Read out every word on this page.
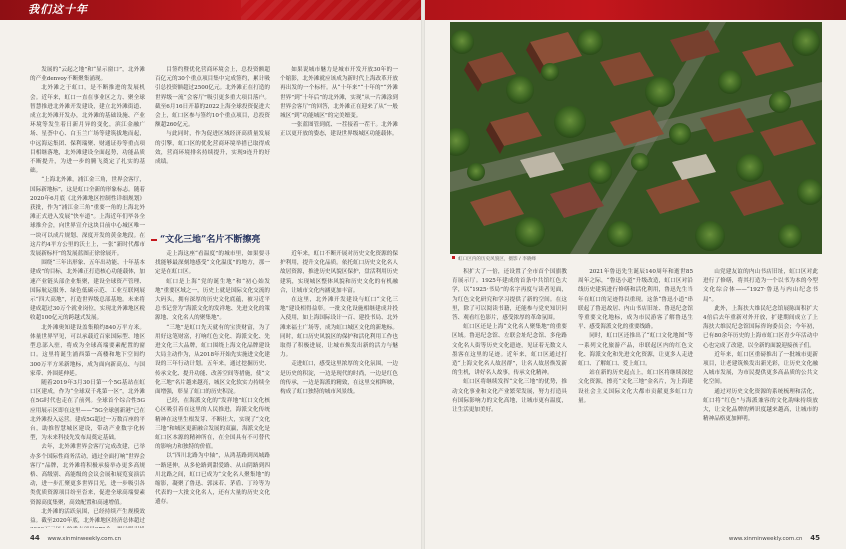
我们这十年

发展的“云起之地”和“显示窗口”，北外滩的产业denvoy不断聚集涌现。

北外滩之于虹口，是不断推进的发展机会。近年来，虹口一直在事业区之力、聚全球智慧推进北外滩开发建设，建立北外滩街道、成立北外滩开发办，北外滩的基础设施、产业环境等发生着日新月异的变化，滨江金融广场、星荟中心、白玉兰广场等建筑拔地而起，中远海运集团、保利瑞聚、财通证券等重点项目相继落地，北外滩建设全面起势，功能品质不断提升，为进一步的腾飞奠定了扎实的基础。

“上海北外滩，浦江金三角，世界会客厅，国际新地标”，这是虹口全新的形象标志。随着2020年6月底《北外滩地区控制性详细规划》获批，作为“浦江金三角”重要一角的上海北外滩正式进入发展“快车道”。上海近年们毕各全球推介会，向世界宣介这块目前中心城区唯一一块可以成片规划、深度开发的黄金地段。在这片约4平方公里的沃土上，一张“新时代都市发展新标杆”的发展蓝图正徐徐展开。

围绕“三年出形象、五年出功能、十年基本建成”的目标，北外滩正打造核心功能载体，加速产业链头部企业集聚，建设全球资产管理、国际航运服务、绿色低碳示范、工业互联网展示“四大高地”，打造世界级总部基地。未来将建成超过30万个就业岗位，实现北外滩地区税收超100亿元的跨越式发展。

北外滩奥知建设盖集粮约840万平方米。体量世界罕见，可以承载近百家国际型、地区型总部入驻，将成为全球高端要素配置的窗口。这里将诞生浦西第一高楼和地下空间约300万平方米新地标，成为面向新高点、与国家带、外围延伸延。

随着2019年3月30日第一个5G基站在虹口区建成，作为“全球双千兆第一区”，北外滩在5G时代也走在了前列。全球首个综合性5G应用展示区即在这里——“5G全球创新港”已在北外滩投入运营。建成5G超过一万数百座的平台，助推智慧城区建设，带动产业数字化转型，为未来科技先发布局奠定基础。

去年，北外滩世界会客厅完成改建，已举办多个国际性商务活动，通过全面打响“世界会客厅”品牌，北外滩将积极承接举办更多高规格、高级别、高能级的会议会展和展览宴演活动，进一步汇聚更多世界目光，进一步吸引各类优质资源项目纷至沓来，促进全球高端要素资源高度集聚，高效配置和高速增值。

北外滩的活跃氛围，已经持续产生规模效益。截至2020年底，北外滩地区经济总体超过

目签约暨优化营商环境会上，总投资额超百亿元的30个重点项目集中完成签约，累计吸引总投资额超过2500亿元。北外滩正在打造的世界级一流“会客厅”吸引更多重大项目落户。截至6月16日开幕的2022上海全球投资促进大会上，虹口区参与签约10个重点项目，总投资额超260亿元。

与此同时，作为促进区域经济高质量发展的引擎，虹口区的优化营商环境举措已取得成效，营商环境排名持续提升，实现9连升的好成绩。

如果说城市魅力是城市开发开放30年的一个缩影，北外滩就应该成为新时代上海改革开放再出发的一个标杆。从“十年来”“十年的”“外滩世界”到“十年后”的北外滩，实现“从一片滩涂到世界会客厅”的回答，北外滩正在迎来了从“一般城区”到“功能城区”的完美嬗变。

一张蓝图管到底、一茬接着一茬干。北外滩正以更开放的姿态，建设世界级城区功能载体。

“文化三地”名片不断擦亮

走上海这座“看温度”的城市里，如果要寻找能够最深刻地感受“文化温度”的地方，那一定是在虹口区。

虹口是上海“党的诞生地”和“初心始发地”重要区域之一，历史上就是国际文化交流的大码头，拥有深厚的历史文化底蕴，被习近平总书记誉为“海派文化的发祥地、先进文化的策源地、文化名人的聚集地”。

“三地”是虹口先天就有的宝贵财富，为了用好这笔财富，打响红色文化、海派文化、先进文化三大品牌，虹口围绕上海文化品牌建设大局主动作为，从2018年开始先实施进文化建设的三年行动计划。五年来，通过挖掘历史、传承文化、提升功能、改善空间等措施，使“文化三地”名片越来越亮，城区文化软实力持续全面增强，彰显了虹口的历史积淀。

已经，在海派文化的“发祥地”虹口文化核心区吸引着在这里的人民推进，海派文化传统精神在这里生根发芽、不断壮大，实现了“文化三地”和城区更新融合发展的双赢，海派文化是虹口区本源的精神所在，在全国具有不可替代的影响力和独特的价值。

以“四川北路为中轴”，从鸿基路到凤城路一路延伸，从多伦路到甜爱路、从山阴路到四川北路之间，虹口已成为“文化名人聚集地”的缩影，凝聚了鲁迅、郭沫若、茅盾、丁玲等为代表的一大批文化名人，还有大量的历史文化遗存。

近年来，虹口不断开展对历史文化资源的保护利用，提升文化品质。依托虹口历史文化名人故居资源，推进历史风貌区保护，盘活利用历史建筑，实现城区整体风貌和历史文化的有机融合，让城市文化内涵更加丰富。

在这里，北外滩开发建设与虹口“文化三地”建设相得益彰。一批文化设施相继建成并投入使用，如上海国际设计一百、建投书局、北外滩来福士广场等，成为虹口城区文化的新地标。同时，虹口历史风貌区的保护和活化利用工作也取得了积极进展，让城市焕发出新的活力与魅力。

走进虹口，感受这里浓厚的文化氛围，一边是历史的积淀，一边是现代的时尚，一边是红色的传承，一边是海派的精致，在这里交相辉映，构成了虹口独特的城市风景线。

虹口区内的历史风貌区，摄影 / 李晓峰

积扩大了一倍，还设置了全市首个国旗教育展示厅。1925年建成的首条中共馆红色大学，以“1925·书局”的名字再度与读者见面，为红色文化研究和学习提供了新的空间。在这里，除了可以阅读书籍，还能参与党史知识问答、观看红色影片，感受浓厚的革命氛围。

虹口区还是上海“文化名人聚集地”的重要区域。鲁迅纪念馆、左联会址纪念馆、多伦路文化名人街等历史文化遗迹，见证着无数文人墨客在这里的足迹。近年来，虹口区通过打造“上海文化名人故居群”，让名人故居焕发新的生机，讲好名人故事，传承文化精神。

虹口区将继续发挥“文化三地”的优势，推动文化事业和文化产业繁荣发展，努力打造具有国际影响力的文化高地，让城市更有温度，让生活更加美好。

2021年鲁迅先生诞辰140周年和逝世85周年之际，“鲁迅小道”升级改造，虹口区对沿线历史建筑进行修缮和活化利用，鲁迅先生当年在虹口的足迹得以重现。这条“鲁迅小道”串联起了鲁迅故居、内山书店旧址、鲁迅纪念馆等重要文化地标，成为市民游客了解鲁迅生平、感受海派文化的重要线路。

同时，虹口区还推出了“虹口文化地图”等一系列文化旅游产品，串联起区内的红色文化、海派文化和先进文化资源，让更多人走进虹口、了解虹口、爱上虹口。

站在新的历史起点上，虹口区将继续深挖文化资源，擦亮“文化三地”金名片，为上海建设社会主义国际文化大都市贡献更多虹口力量。

山党建友谊的内山书店旧址，虹口区对此进行了修缮，将其打造为一个以书为本的今型文化综合体——“1927·鲁迅与内山纪念书局”。

此外，上海扶大维民纪念馆展陈面积扩大4倍后去年重新对外开放，扩建期间成立了上海扶大维民纪念馆国际咨询委员会；今年初，已有80余年历史的上海市虹口区青少年活动中心也完成了改建，以全新的面貌迎接孩子们。

近年来，虹口区重磅推出了一批城市更新项目，让老建筑焕发出新光彩，让历史文化融入城市发展，为市民提供更多高品质的公共文化空间。

通过对历史文化资源的系统梳理和活化，虹口将“红色”与海派兼容的文化韵味持续放大，让文化品牌的辨识度越来越高，让城市的精神品格更加鲜明。

44 www.xinminweekly.com.cn	www.xinminweekly.com.cn 45
